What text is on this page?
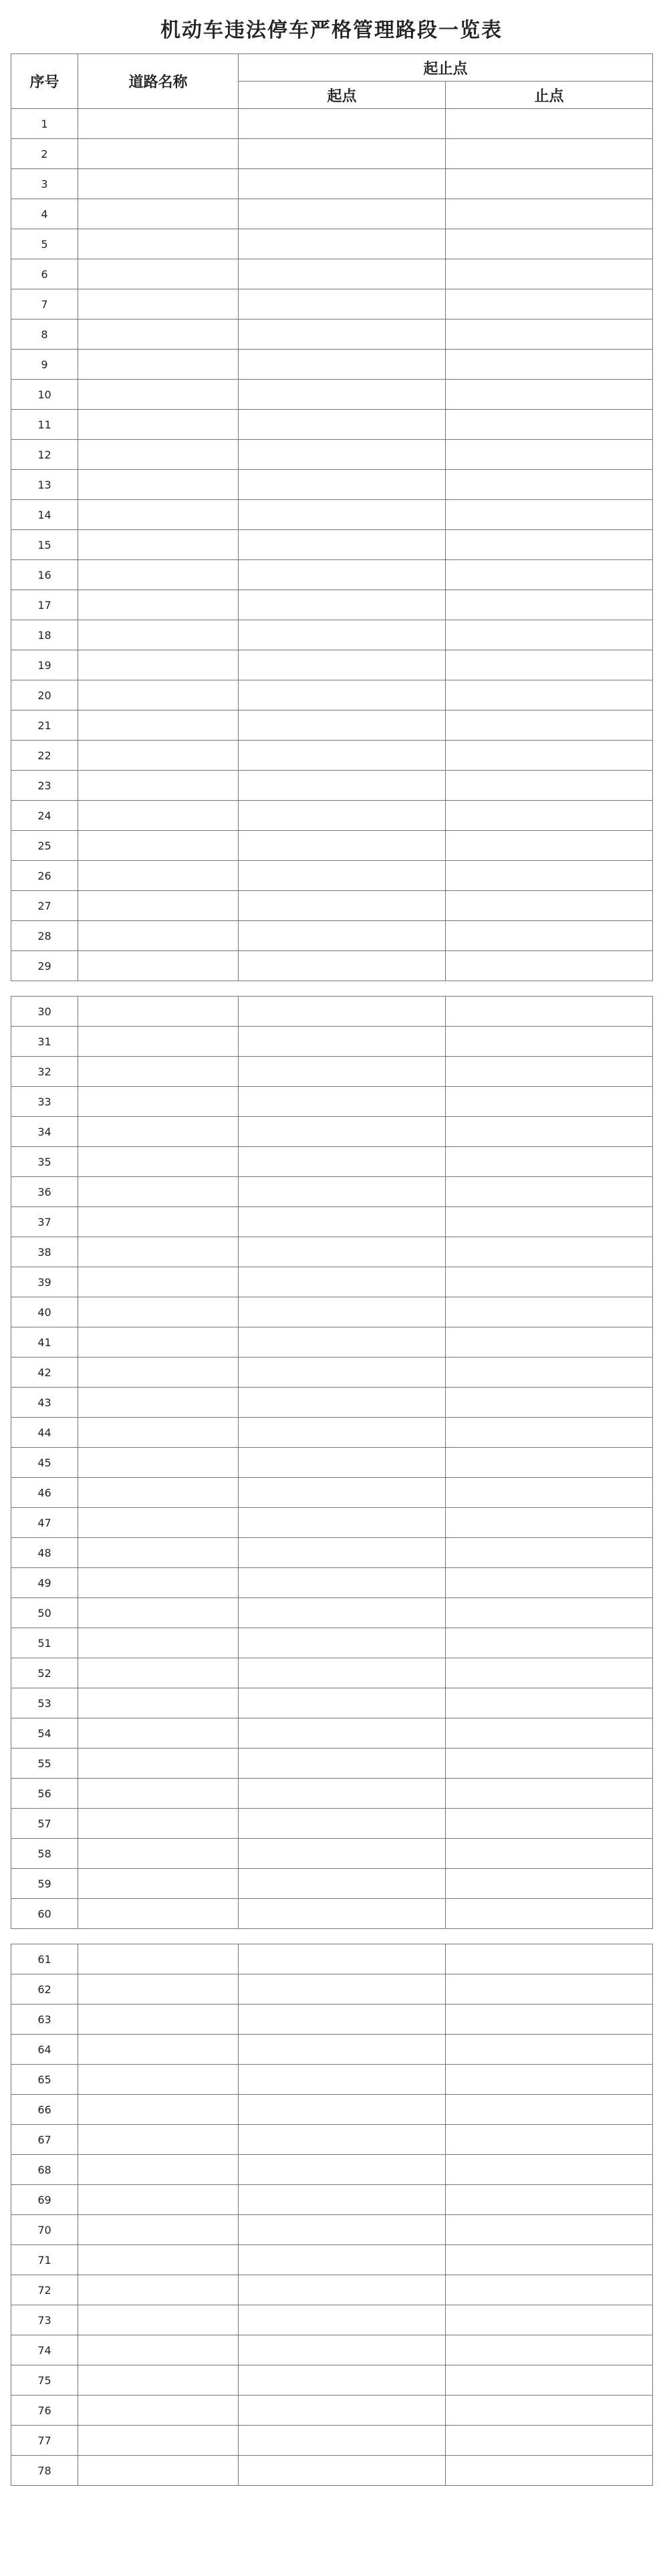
机动车违法停车严格管理路段一览表
序号	道路名称	起止点	
		起点	止点
1			
2			
3			
4			
5			
6			
7			
8			
9			
10			
11			
12			
13			
14			
15			
16			
17			
18			
19			
20			
21			
22			
23			
24			
25			
26			
27			
28			
29			

30			
31			
32			
33			
34			
35			
36			
37			
38			
39			
40			
41			
42			
43			
44			
45			
46			
47			
48			
49			
50			
51			
52			
53			
54			
55			
56			
57			
58			
59			
60			

61			
62			
63			
64			
65			
66			
67			
68			
69			
70			
71			
72			
73			
74			
75			
76			
77			
78			
